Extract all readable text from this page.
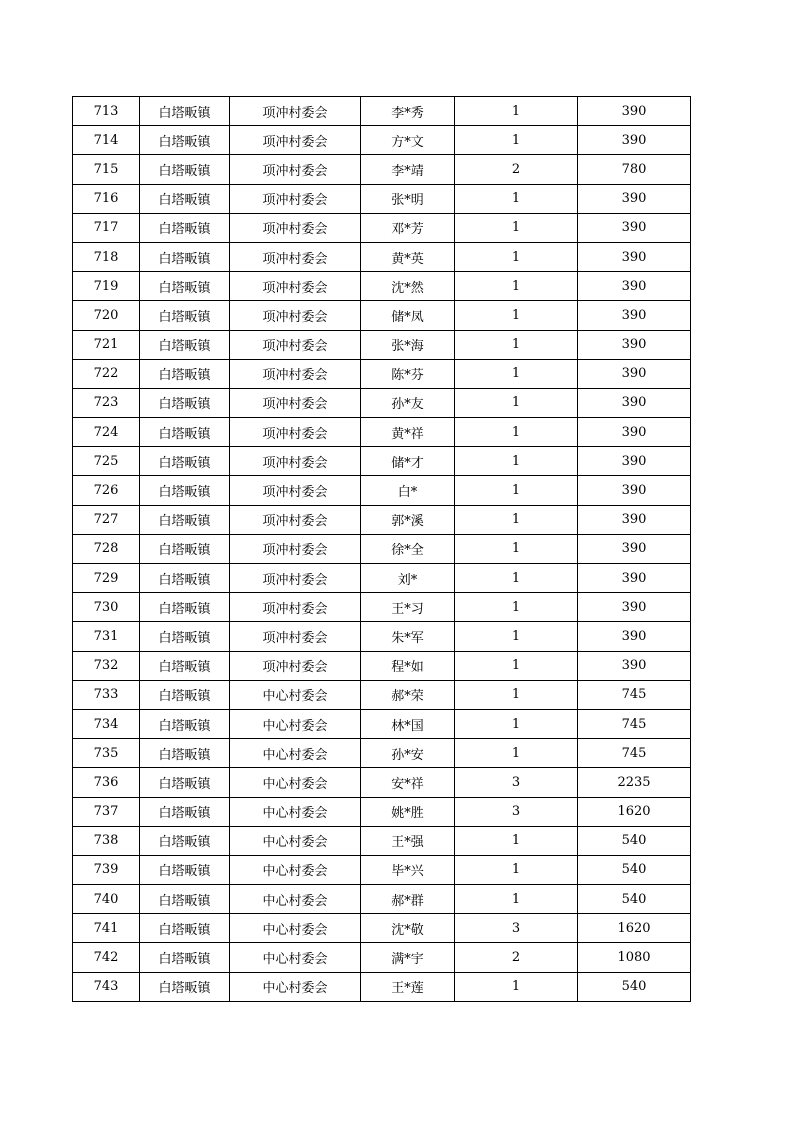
713	白塔畈镇	项冲村委会	李*秀	1	390
714	白塔畈镇	项冲村委会	方*文	1	390
715	白塔畈镇	项冲村委会	李*靖	2	780
716	白塔畈镇	项冲村委会	张*明	1	390
717	白塔畈镇	项冲村委会	邓*芳	1	390
718	白塔畈镇	项冲村委会	黄*英	1	390
719	白塔畈镇	项冲村委会	沈*然	1	390
720	白塔畈镇	项冲村委会	储*凤	1	390
721	白塔畈镇	项冲村委会	张*海	1	390
722	白塔畈镇	项冲村委会	陈*芬	1	390
723	白塔畈镇	项冲村委会	孙*友	1	390
724	白塔畈镇	项冲村委会	黄*祥	1	390
725	白塔畈镇	项冲村委会	储*才	1	390
726	白塔畈镇	项冲村委会	白*	1	390
727	白塔畈镇	项冲村委会	郭*溪	1	390
728	白塔畈镇	项冲村委会	徐*全	1	390
729	白塔畈镇	项冲村委会	刘*	1	390
730	白塔畈镇	项冲村委会	王*习	1	390
731	白塔畈镇	项冲村委会	朱*军	1	390
732	白塔畈镇	项冲村委会	程*如	1	390
733	白塔畈镇	中心村委会	郝*荣	1	745
734	白塔畈镇	中心村委会	林*国	1	745
735	白塔畈镇	中心村委会	孙*安	1	745
736	白塔畈镇	中心村委会	安*祥	3	2235
737	白塔畈镇	中心村委会	姚*胜	3	1620
738	白塔畈镇	中心村委会	王*强	1	540
739	白塔畈镇	中心村委会	毕*兴	1	540
740	白塔畈镇	中心村委会	郝*群	1	540
741	白塔畈镇	中心村委会	沈*敬	3	1620
742	白塔畈镇	中心村委会	满*宇	2	1080
743	白塔畈镇	中心村委会	王*莲	1	540
